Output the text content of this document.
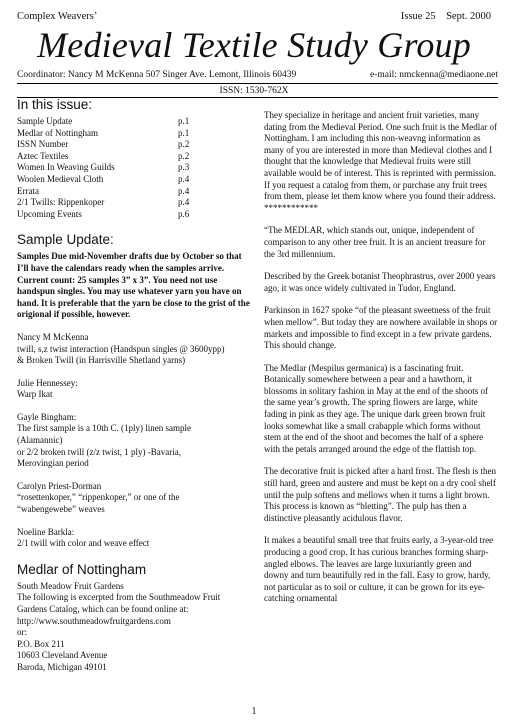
Complex Weavers’	Issue 25    Sept. 2000
Medieval Textile Study Group
Coordinator: Nancy M McKenna 507 Singer Ave. Lemont, Illinois 60439	e-mail: nmckenna@mediaone.net
ISSN: 1530-762X
In this issue:
Sample Update	p.1
Medlar of Nottingham	p.1
ISSN Number	p.2
Aztec Textiles	p.2
Women In Weaving Guilds	p.3
Woolen Medieval Cloth	p.4
Errata	p.4
2/1 Twills: Rippenkoper	p.4
Upcoming Events	p.6
Sample Update:

Samples Due mid-November drafts due by October so that I’ll have the calendars ready when the samples arrive. Current count: 25 samples 3” x 3”. You need not use handspun singles. You may use whatever yarn you have on hand. It is preferable that the yarn be close to the grist of the origional if possible, however.

Nancy M McKenna

twill, s,z twist interaction (Handspun singles @ 3600ypp)

& Broken Twill (in Harrisville Shetland yarns)

Julie Hennessey:

Warp Ikat

Gayle Bingham:

The first sample is a 10th C. (1ply) linen sample

(Alamannic)

or 2/2 broken twill (z/z twist, 1 ply) -Bavaria,

Merovingian period

Carolyn Priest-Dorman

“rosettenkoper,” “rippenkoper,” or one of the

“wabengewebe” weaves

Noeline Barkla:

2/1 twill with color and weave effect

Medlar of Nottingham

South Meadow Fruit Gardens

The following is excerpted from the Southmeadow Fruit

Gardens Catalog, which can be found online at:

http://www.southmeadowfruitgardens.com

or:

P.O. Box 211

10603 Cleveland Avenue

Baroda, Michigan 49101

They specialize in heritage and ancient fruit varieties, many dating from the Medieval Period. One such fruit is the Medlar of Nottingham. I am including this non-weavng information as many of you are interested in more than Medieval clothes and I thought that the knowledge that Medieval fruits were still available would be of interest. This is reprinted with permission. If you request a catalog from them, or purchase any fruit trees from them, please let them know where you found their address.

************

“The MEDLAR, which stands out, unique, independent of comparison to any other tree fruit. It is an ancient treasure for the 3rd millennium.

Described by the Greek botanist Theophrastrus, over 2000 years ago, it was once widely cultivated in Tudor, England.

Parkinson in 1627 spoke “of the pleasant sweetness of the fruit when mellow”. But today they are nowhere available in shops or markets and impossible to find except in a few private gardens. This should change.

The Medlar (Mespilus germanica) is a fascinating fruit. Botanically somewhere between a pear and a hawthorn, it blossoms in solitary fashion in May at the end of the shoots of the same year’s growth. The spring flowers are large, white fading in pink as they age. The unique dark green brown fruit looks somewhat like a small crabapple which forms without stem at the end of the shoot and becomes the half of a sphere with the petals arranged around the edge of the flattish top.

The decorative fruit is picked after a hard frost. The flesh is then still hard, green and austere and must be kept on a dry cool shelf until the pulp softens and mellows when it turns a light brown. This process is known as “bletting”. The pulp has then a distinctive pleasantly acidulous flavor.

It makes a beautiful small tree that fruits early, a 3-year-old tree producing a good crop. It has curious branches forming sharp-angled elbows. The leaves are large luxuriantly green and downy and turn beautifully red in the fall. Easy to grow, hardy, not particular as to soil or culture, it can be grown for its eye-catching ornamental

1
